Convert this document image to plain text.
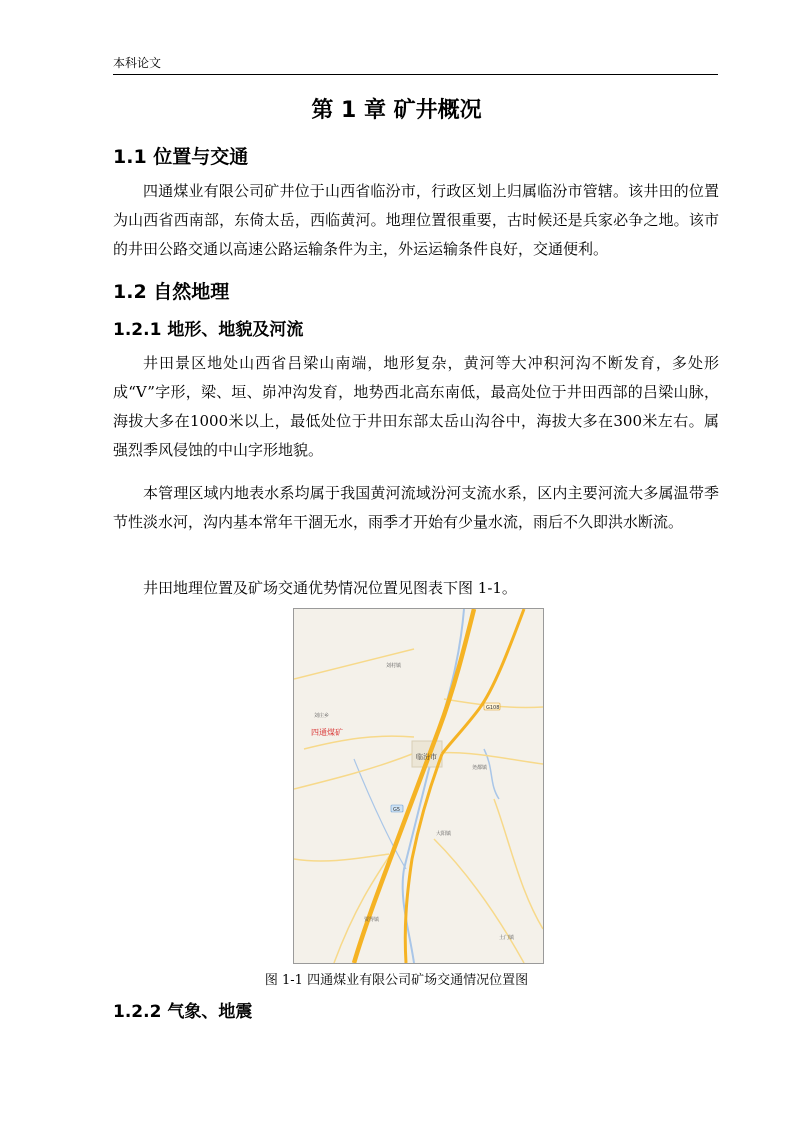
本科论文
第 1 章 矿井概况
1.1 位置与交通
四通煤业有限公司矿井位于山西省临汾市，行政区划上归属临汾市管辖。该井田的位置为山西省西南部，东倚太岳，西临黄河。地理位置很重要，古时候还是兵家必争之地。该市的井田公路交通以高速公路运输条件为主，外运运输条件良好，交通便利。
1.2 自然地理
1.2.1 地形、地貌及河流
井田景区地处山西省吕梁山南端，地形复杂，黄河等大冲积河沟不断发育，多处形成“V”字形，梁、垣、峁冲沟发育，地势西北高东南低，最高处位于井田西部的吕梁山脉，海拔大多在1000米以上，最低处位于井田东部太岳山沟谷中，海拔大多在300米左右。属强烈季风侵蚀的中山字形地貌。
本管理区域内地表水系均属于我国黄河流域汾河支流水系，区内主要河流大多属温带季节性淡水河，沟内基本常年干涸无水，雨季才开始有少量水流，雨后不久即洪水断流。
井田地理位置及矿场交通优势情况位置见图表下图 1-1。
四通煤矿
临汾市
刘村镇
大阳镇
贾得镇
尧都镇
土门镇
刘庄乡
G108
G5
图 1-1 四通煤业有限公司矿场交通情况位置图
1.2.2 气象、地震
